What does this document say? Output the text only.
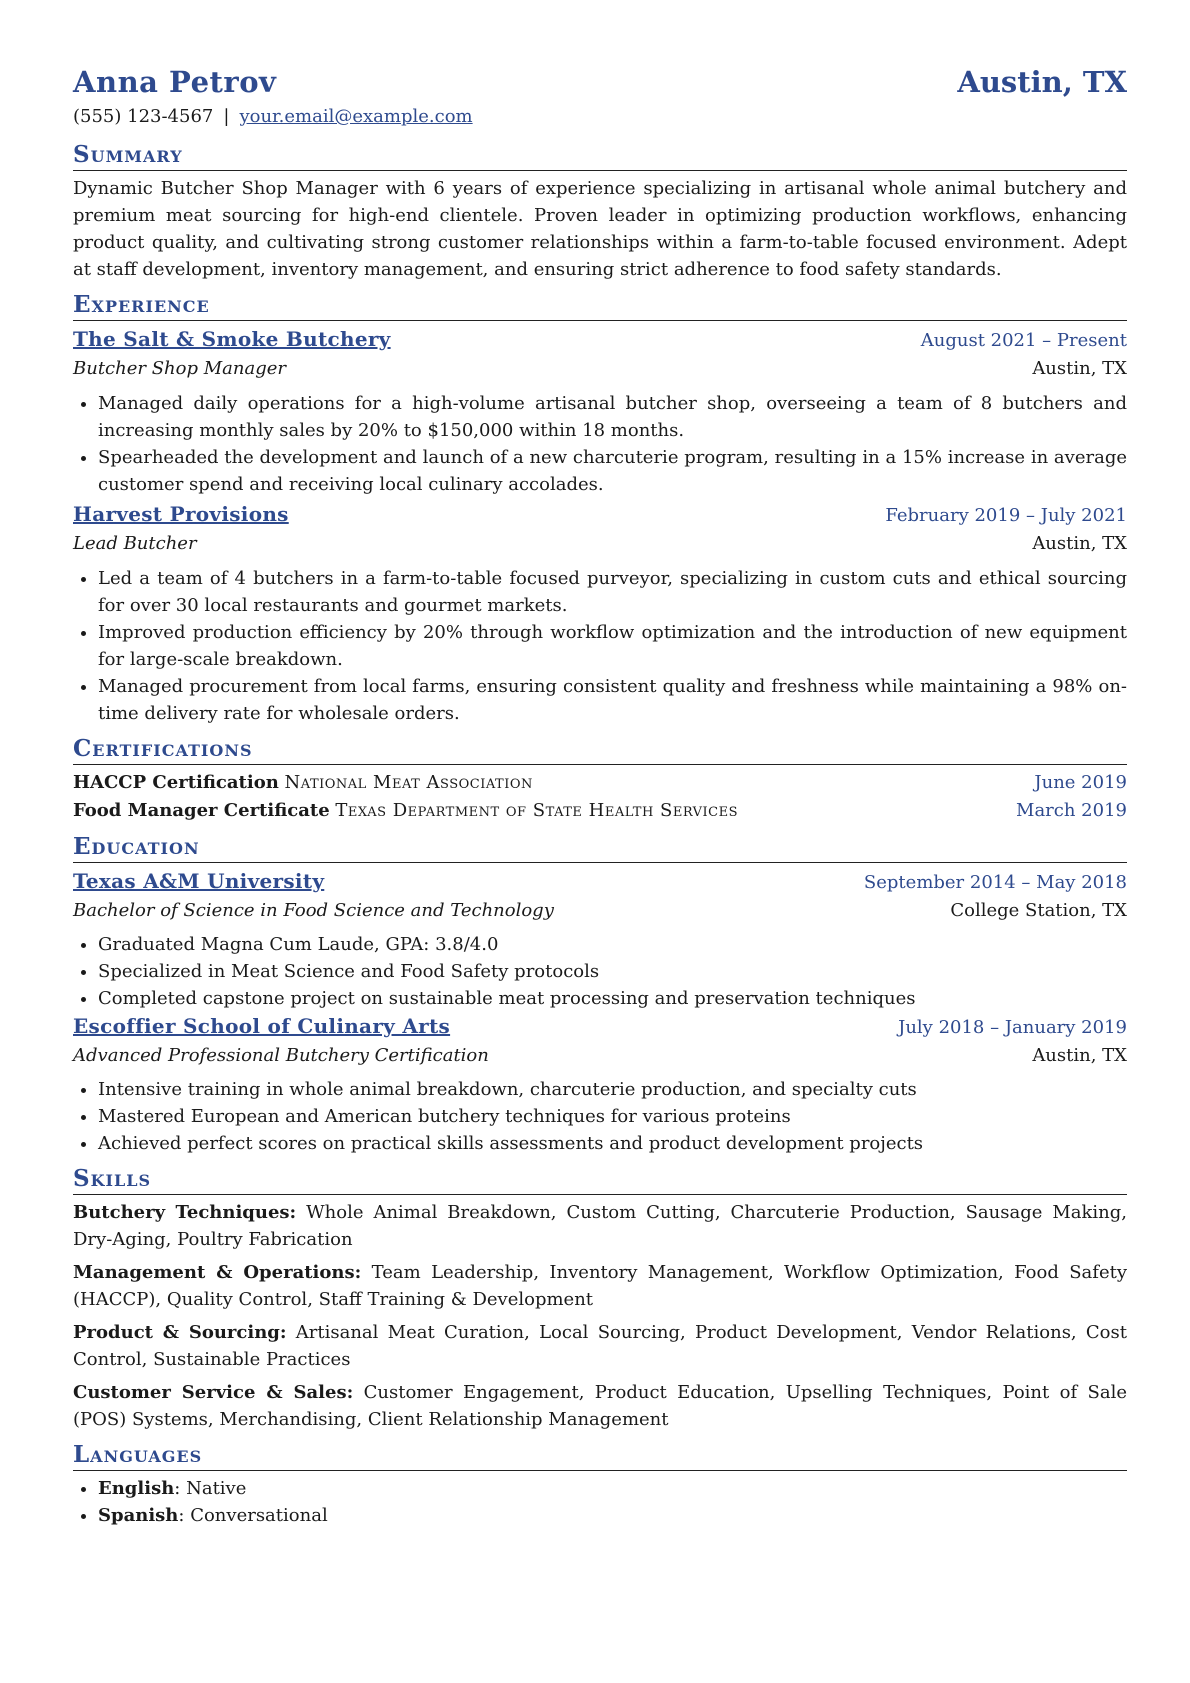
Anna Petrov	Austin, TX
(555) 123-4567 | your.email@example.com
Summary
Dynamic Butcher Shop Manager with 6 years of experience specializing in artisanal whole animal butchery and premium meat sourcing for high-end clientele. Proven leader in optimizing production workflows, enhancing product quality, and cultivating strong customer relationships within a farm-to-table focused environment. Adept at staff development, inventory management, and ensuring strict adherence to food safety standards.
Experience
The Salt & Smoke Butchery	August 2021 – Present
Butcher Shop Manager	Austin, TX
• Managed daily operations for a high-volume artisanal butcher shop, overseeing a team of 8 butchers and increasing monthly sales by 20% to $150,000 within 18 months.
• Spearheaded the development and launch of a new charcuterie program, resulting in a 15% increase in average customer spend and receiving local culinary accolades.
Harvest Provisions	February 2019 – July 2021
Lead Butcher	Austin, TX
• Led a team of 4 butchers in a farm-to-table focused purveyor, specializing in custom cuts and ethical sourcing for over 30 local restaurants and gourmet markets.
• Improved production efficiency by 20% through workflow optimization and the introduction of new equipment for large-scale breakdown.
• Managed procurement from local farms, ensuring consistent quality and freshness while maintaining a 98% on-time delivery rate for wholesale orders.
Certifications
HACCP Certification National Meat Association	June 2019
Food Manager Certificate Texas Department of State Health Services	March 2019
Education
Texas A&M University	September 2014 – May 2018
Bachelor of Science in Food Science and Technology	College Station, TX
• Graduated Magna Cum Laude, GPA: 3.8/4.0
• Specialized in Meat Science and Food Safety protocols
• Completed capstone project on sustainable meat processing and preservation techniques
Escoffier School of Culinary Arts	July 2018 – January 2019
Advanced Professional Butchery Certification	Austin, TX
• Intensive training in whole animal breakdown, charcuterie production, and specialty cuts
• Mastered European and American butchery techniques for various proteins
• Achieved perfect scores on practical skills assessments and product development projects
Skills
Butchery Techniques: Whole Animal Breakdown, Custom Cutting, Charcuterie Production, Sausage Making, Dry-Aging, Poultry Fabrication
Management & Operations: Team Leadership, Inventory Management, Workflow Optimization, Food Safety (HACCP), Quality Control, Staff Training & Development
Product & Sourcing: Artisanal Meat Curation, Local Sourcing, Product Development, Vendor Relations, Cost Control, Sustainable Practices
Customer Service & Sales: Customer Engagement, Product Education, Upselling Techniques, Point of Sale (POS) Systems, Merchandising, Client Relationship Management
Languages
• English: Native
• Spanish: Conversational
